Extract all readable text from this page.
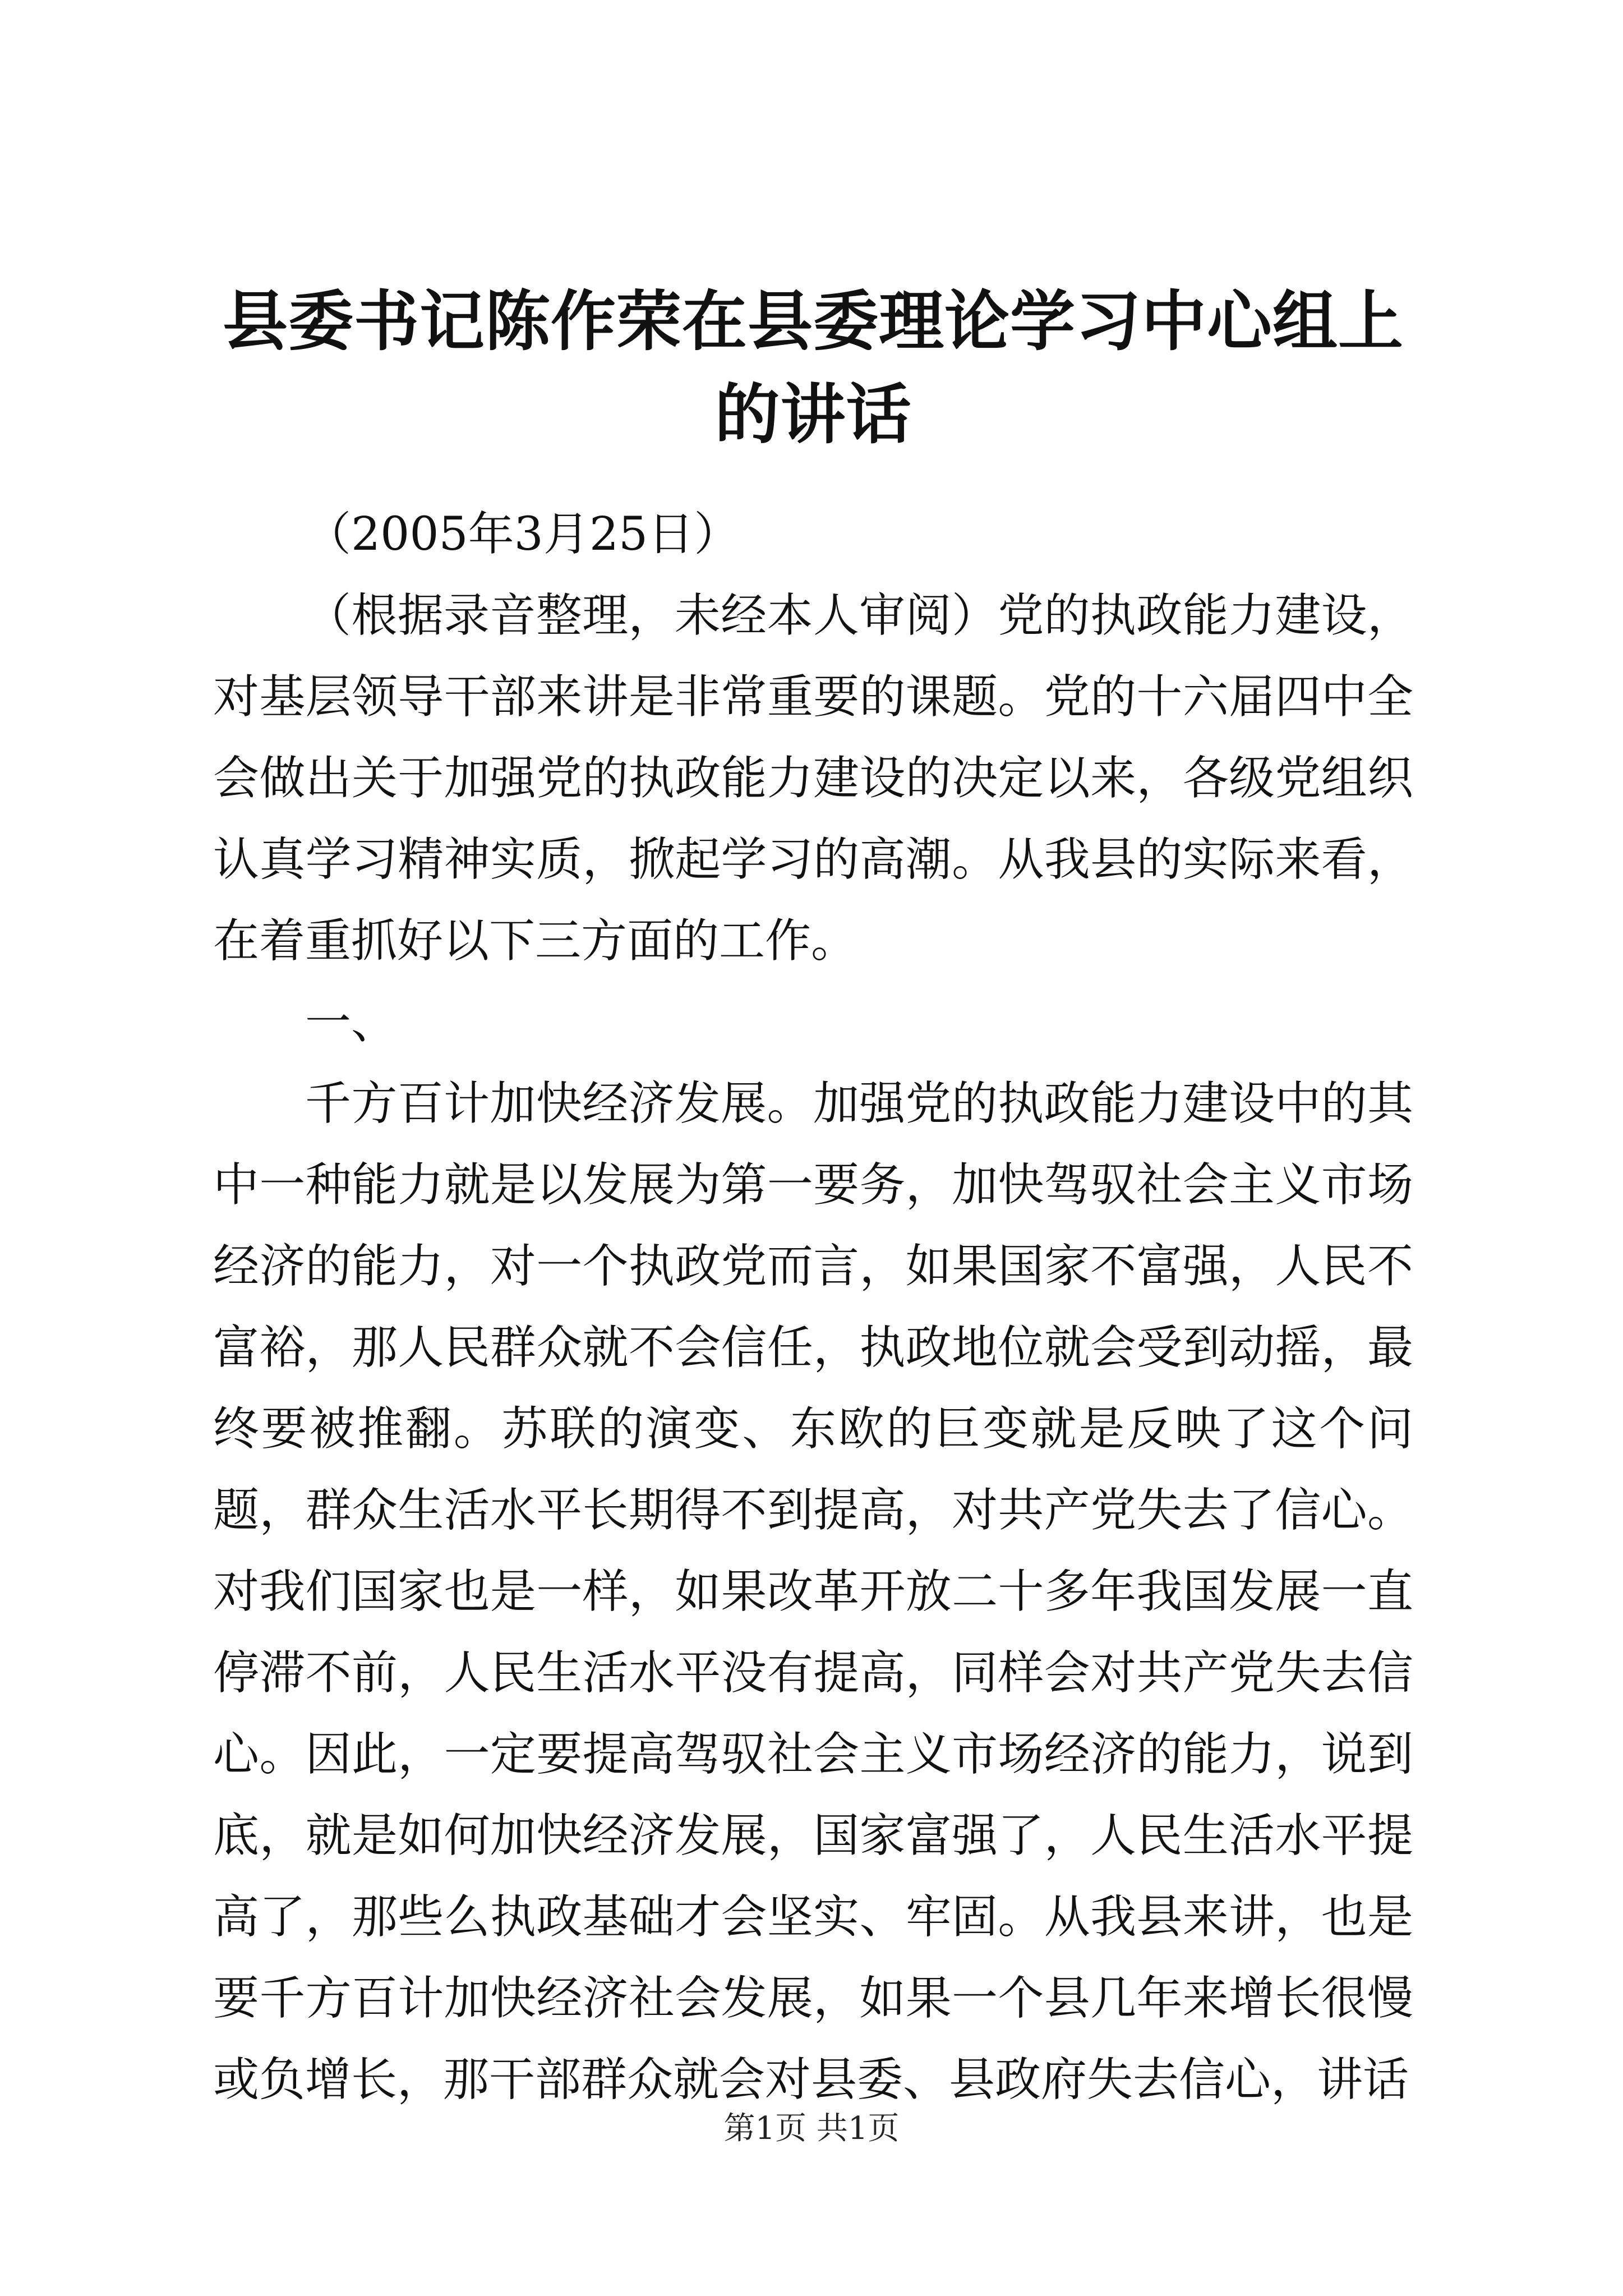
县委书记陈作荣在县委理论学习中心组上的讲话

（2005年3月25日）

（根据录音整理，未经本人审阅）党的执政能力建设，对基层领导干部来讲是非常重要的课题。党的十六届四中全会做出关于加强党的执政能力建设的决定以来，各级党组织认真学习精神实质，掀起学习的高潮。从我县的实际来看，在着重抓好以下三方面的工作。

一、

千方百计加快经济发展。加强党的执政能力建设中的其中一种能力就是以发展为第一要务，加快驾驭社会主义市场经济的能力，对一个执政党而言，如果国家不富强，人民不富裕，那人民群众就不会信任，执政地位就会受到动摇，最终要被推翻。苏联的演变、东欧的巨变就是反映了这个问题，群众生活水平长期得不到提高，对共产党失去了信心。对我们国家也是一样，如果改革开放二十多年我国发展一直停滞不前，人民生活水平没有提高，同样会对共产党失去信心。因此，一定要提高驾驭社会主义市场经济的能力，说到底，就是如何加快经济发展，国家富强了，人民生活水平提高了，那些么执政基础才会坚实、牢固。从我县来讲，也是要千方百计加快经济社会发展，如果一个县几年来增长很慢或负增长，那干部群众就会对县委、县政府失去信心，讲话

第1页 共1页
